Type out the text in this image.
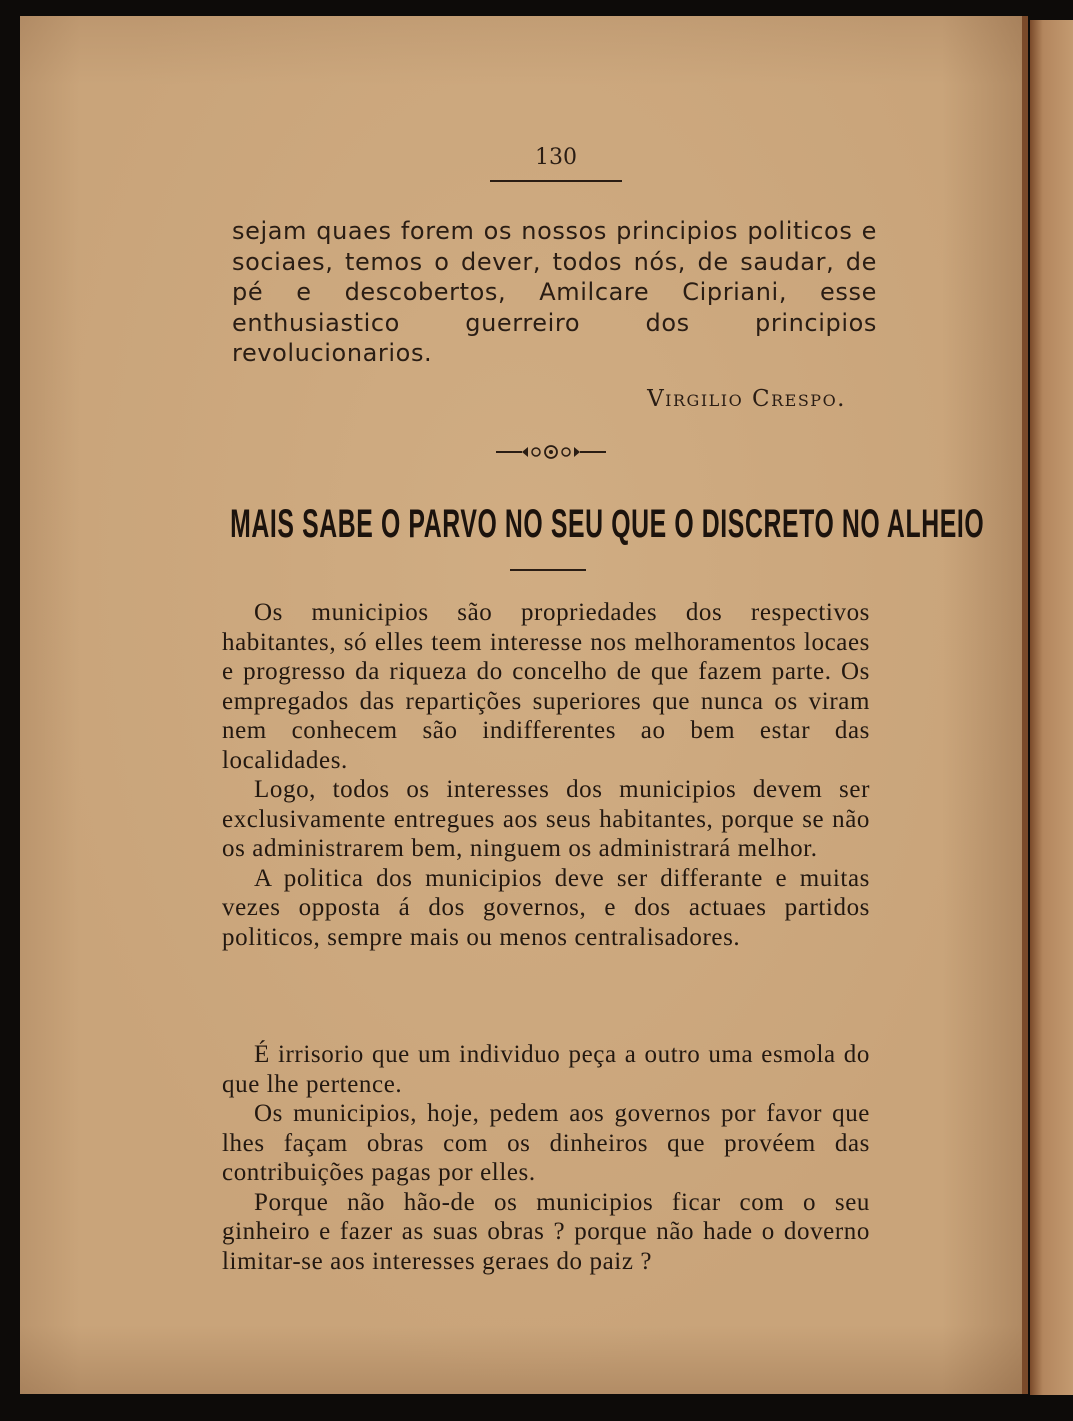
130
sejam quaes forem os nossos principios politicos e sociaes, temos o dever, todos nós, de saudar, de pé e descobertos, Amilcare Cipriani, esse enthusiastico guerreiro dos principios revolucionarios.
Virgilio Crespo.
MAIS SABE O PARVO NO SEU QUE O DISCRETO NO ALHEIO

Os municipios são propriedades dos respectivos habitantes, só elles teem interesse nos melhoramentos locaes e progresso da riqueza do concelho de que fazem parte. Os empregados das repartições superiores que nunca os viram nem conhecem são indifferentes ao bem estar das localidades.

Logo, todos os interesses dos municipios devem ser exclusivamente entregues aos seus habitantes, porque se não os administrarem bem, ninguem os administrará melhor.

A politica dos municipios deve ser differante e muitas vezes opposta á dos governos, e dos actuaes partidos politicos, sempre mais ou menos centralisadores.

É irrisorio que um individuo peça a outro uma esmola do que lhe pertence.

Os municipios, hoje, pedem aos governos por favor que lhes façam obras com os dinheiros que provéem das contribuições pagas por elles.

Porque não hão-de os municipios ficar com o seu ginheiro e fazer as suas obras ? porque não hade o doverno limitar-se aos interesses geraes do paiz ?
